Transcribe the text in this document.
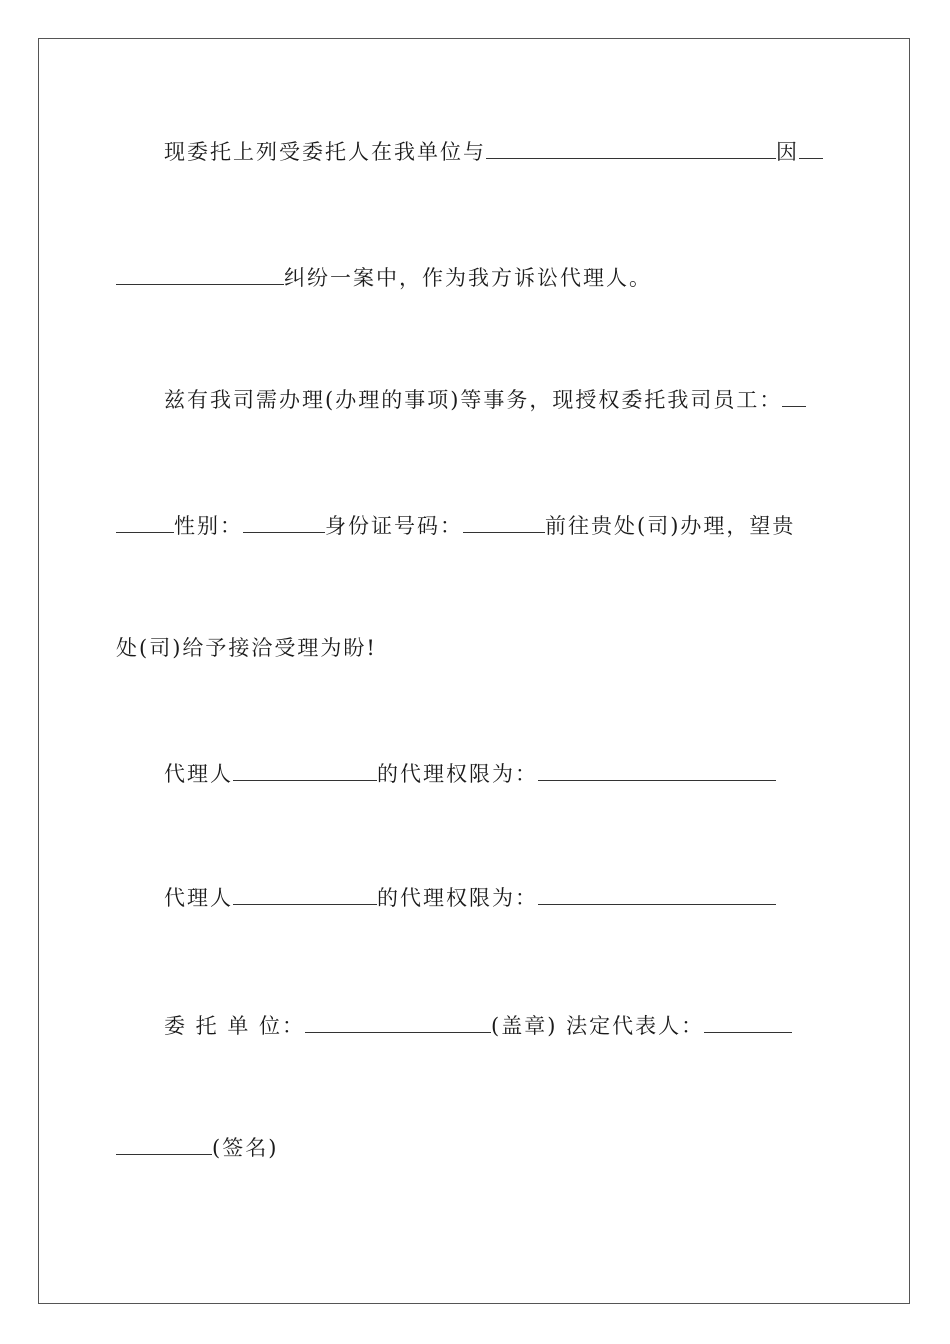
现委托上列受委托人在我单位与	因
纠纷一案中，作为我方诉讼代理人。
兹有我司需办理(办理的事项)等事务，现授权委托我司员工：
性别：	身份证号码：	前往贵处(司)办理，望贵
处(司)给予接洽受理为盼!
代理人	的代理权限为：
代理人	的代理权限为：
委 托 单 位：	(盖章) 法定代表人：
(签名)
